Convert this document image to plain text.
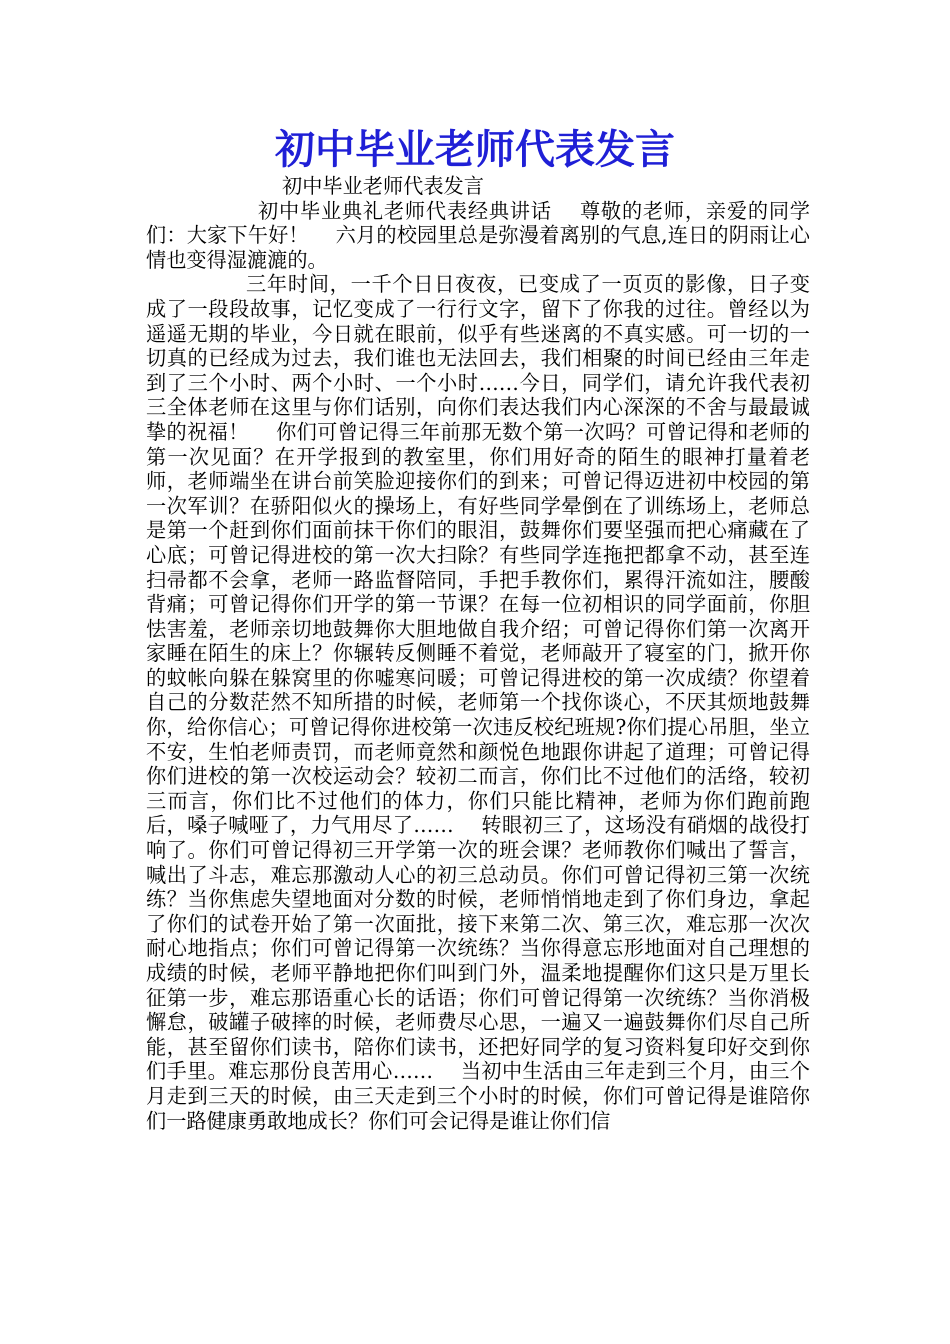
初中毕业老师代表发言

初中毕业老师代表发言

初中毕业典礼老师代表经典讲话　 尊敬的老师，亲爱的同学们：大家下午好！　 六月的校园里总是弥漫着离别的气息,连日的阴雨让心情也变得湿漉漉的。

三年时间，一千个日日夜夜，已变成了一页页的影像，日子变成了一段段故事，记忆变成了一行行文字，留下了你我的过往。曾经以为遥遥无期的毕业，今日就在眼前，似乎有些迷离的不真实感。可一切的一切真的已经成为过去，我们谁也无法回去，我们相聚的时间已经由三年走到了三个小时、两个小时、一个小时……今日，同学们，请允许我代表初三全体老师在这里与你们话别，向你们表达我们内心深深的不舍与最最诚挚的祝福！　 你们可曾记得三年前那无数个第一次吗？可曾记得和老师的第一次见面？在开学报到的教室里，你们用好奇的陌生的眼神打量着老师，老师端坐在讲台前笑脸迎接你们的到来；可曾记得迈进初中校园的第一次军训？在骄阳似火的操场上，有好些同学晕倒在了训练场上，老师总是第一个赶到你们面前抹干你们的眼泪，鼓舞你们要坚强而把心痛藏在了心底；可曾记得进校的第一次大扫除？有些同学连拖把都拿不动，甚至连扫帚都不会拿，老师一路监督陪同，手把手教你们，累得汗流如注，腰酸背痛；可曾记得你们开学的第一节课？在每一位初相识的同学面前，你胆怯害羞，老师亲切地鼓舞你大胆地做自我介绍；可曾记得你们第一次离开家睡在陌生的床上？你辗转反侧睡不着觉，老师敲开了寝室的门，掀开你的蚊帐向躲在躲窝里的你嘘寒问暖；可曾记得进校的第一次成绩？你望着自己的分数茫然不知所措的时候，老师第一个找你谈心，不厌其烦地鼓舞你，给你信心；可曾记得你进校第一次违反校纪班规?你们提心吊胆，坐立不安，生怕老师责罚，而老师竟然和颜悦色地跟你讲起了道理；可曾记得你们进校的第一次校运动会？较初二而言，你们比不过他们的活络，较初三而言，你们比不过他们的体力，你们只能比精神，老师为你们跑前跑后，嗓子喊哑了，力气用尽了……　 转眼初三了，这场没有硝烟的战役打响了。你们可曾记得初三开学第一次的班会课？老师教你们喊出了誓言，喊出了斗志，难忘那激动人心的初三总动员。你们可曾记得初三第一次统练？当你焦虑失望地面对分数的时候，老师悄悄地走到了你们身边，拿起了你们的试卷开始了第一次面批，接下来第二次、第三次，难忘那一次次耐心地指点；你们可曾记得第一次统练？当你得意忘形地面对自己理想的成绩的时候，老师平静地把你们叫到门外，温柔地提醒你们这只是万里长征第一步，难忘那语重心长的话语；你们可曾记得第一次统练？当你消极懈怠，破罐子破摔的时候，老师费尽心思，一遍又一遍鼓舞你们尽自己所能，甚至留你们读书，陪你们读书，还把好同学的复习资料复印好交到你们手里。难忘那份良苦用心……　 当初中生活由三年走到三个月，由三个月走到三天的时候，由三天走到三个小时的时候，你们可曾记得是谁陪你们一路健康勇敢地成长？你们可会记得是谁让你们信
